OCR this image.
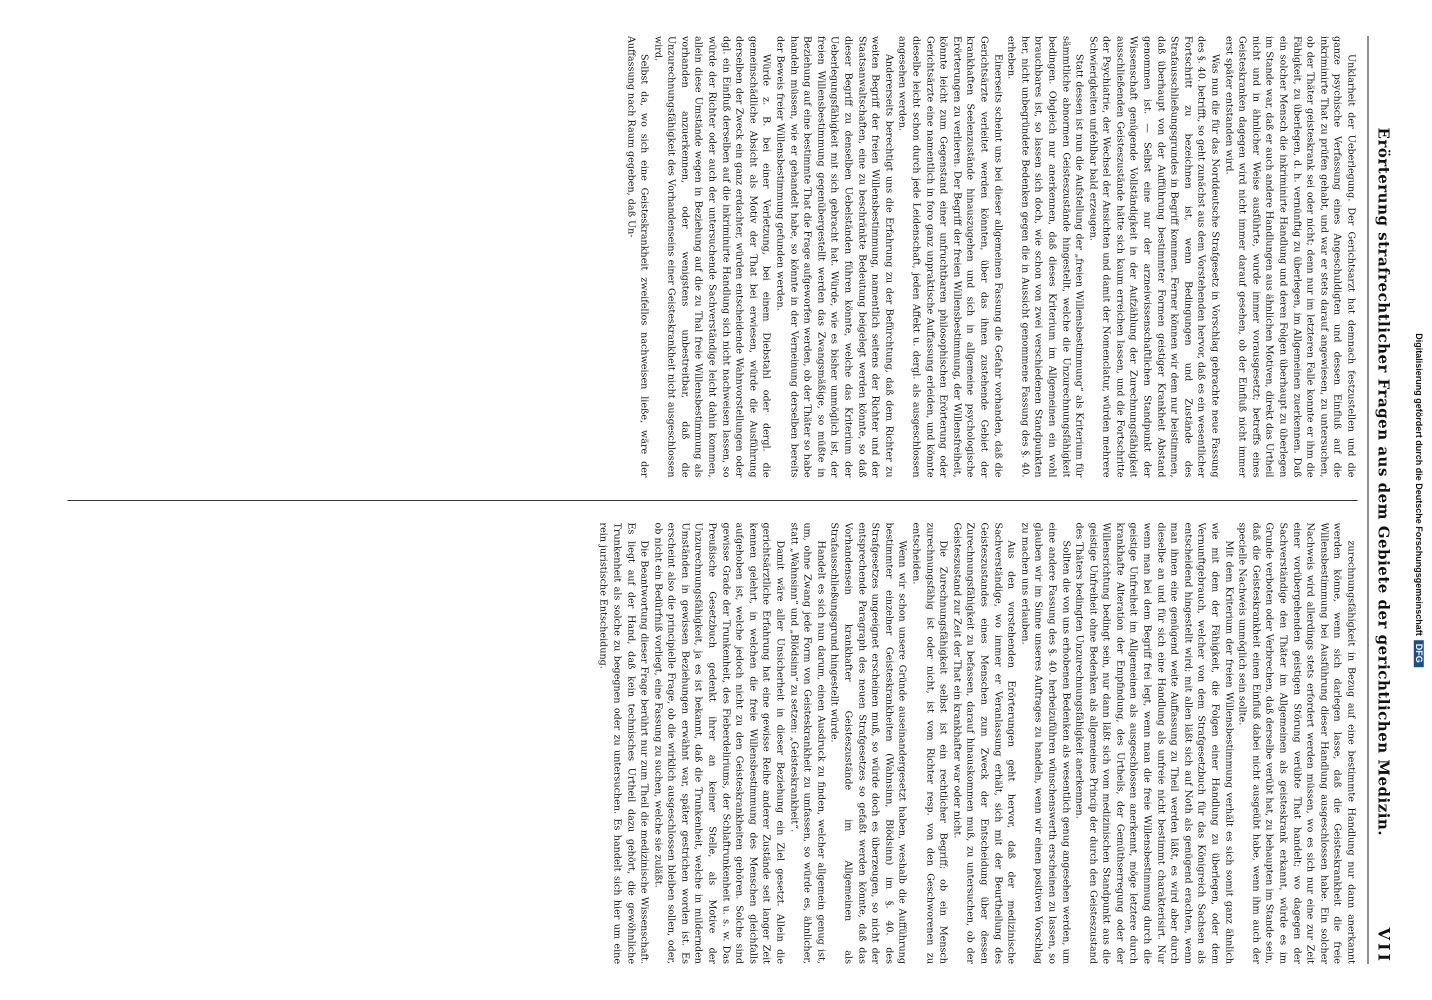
Erörterung strafrechtlicher Fragen aus dem Gebiete der gerichtlichen Medizin.
VII

Unklarheit der Ueberlegung. Der Gerichtsarzt hat demnach festzustellen und die ganze psychische Verfassung eines Angeschuldigten und dessen Einfluß auf die inkriminirte That zu prüfen gehabt, und war er stets darauf angewiesen, zu untersuchen, ob der Thäter geisteskrank sei oder nicht; denn nur im letzteren Falle konnte er ihm die Fähigkeit, zu überlegen, d. h. vernünftig zu überlegen, im Allgemeinen zuerkennen. Daß ein solcher Mensch die inkriminirte Handlung und deren Folgen überhaupt zu überlegen im Stande war, daß er auch andere Handlungen aus ähnlichen Motiven, direkt das Urtheil nicht und in ähnlicher Weise ausführte, wurde immer vorausgesetzt; betreffs eines Geisteskranken dagegen wird nicht immer darauf gesehen, ob der Einfluß nicht immer erst später entstanden wird.

Was nun die für das Norddeutsche Strafgesetz in Vorschlag gebrachte neue Fassung des §. 40. betrifft, so geht zunächst aus dem Vorstehenden hervor, daß es ein wesentlicher Fortschritt zu bezeichnen ist, wenn Bedingungen und Zustände des Strafausschließungsgrundes in Begriff kommen. Ferner können wir dem nur beistimmen, daß überhaupt von der Aufführung bestimmter Formen geistiger Krankheit Abstand genommen ist. — Selbst eine nur der arzneiwissenschaftlichen Standpunkt der Wissenschaft genügende Vollständigkeit in der Aufzählung der Zurechnungsfähigkeit ausschließenden Geisteszustände hätte sich kaum erreichen lassen, und die Fortschritte der Psychiatrie, der Wechsel der Ansichten und damit der Nomenclatur, würden mehrere Schwierigkeiten unfehlbar bald erzeugen.

Statt dessen ist nun die Aufstellung der „freien Willensbestimmung“ als Kriterium für sämmtliche abnormen Geisteszustände hingestellt, welche die Unzurechnungsfähigkeit bedingen. Obgleich nur anerkennen, daß dieses Kriterium im Allgemeinen ein wohl brauchbares ist, so lassen sich doch, wie schon von zwei verschiedenen Standpunkten her, nicht unbegründete Bedenken gegen die in Aussicht genommene Fassung des §. 40. erheben.

Einerseits scheint uns bei dieser allgemeinen Fassung die Gefahr vorhanden, daß die Gerichtsärzte verleitet werden könnten, über das ihnen zustehende Gebiet der krankhaften Seelenzustände hinauszugehen und sich in allgemeine psychologische Erörterungen zu verlieren. Der Begriff der freien Willensbestimmung, der Willensfreiheit, könnte leicht zum Gegenstand einer unfruchtbaren philosophischen Erörterung oder Gerichtsärzte eine namentlich in foro ganz unpraktische Auffassung erleiden, und könnte dieselbe leicht schon durch jede Leidenschaft, jeden Affekt u. dergl. als ausgeschlossen angesehen werden.

Andererseits berechtigt uns die Erfahrung zu der Befürchtung, daß dem Richter zu weiten Begriff der freien Willensbestimmung, namentlich seitens der Richter und der Staatsanwaltschaften, eine zu beschränkte Bedeutung beigelegt werden könnte, so daß dieser Begriff zu denselben Uebelständen führen könnte, welche das Kriterium der Ueberlegungsfähigkeit mit sich gebracht hat. Würde, wie es bisher unmöglich ist, der freien Willensbestimmung gegenübergestellt werden das Zwangsmäßige, so müßte in Beziehung auf eine bestimmte That die Frage aufgeworfen werden, ob der Thäter so habe handeln müssen, wie er gehandelt habe, so könnte in der Verneinung derselben bereits der Beweis freier Willensbestimmung gefunden werden.

Würde z. B. bei einer Verletzung, bei einem Diebstahl oder dergl. die gemeinschädliche Absicht als Motiv der That bei erwiesen, würde die Ausführung derselben der Zweck ein ganz erdachter, würden entscheidende Wahnvorstellungen oder dgl. ein Einfluß derselben auf die inkriminirte Handlung sich nicht nachweisen lassen, so würde der Richter oder auch der untersuchende Sachverständige leicht dahin kommen, allein diese Umstände wegen in Beziehung auf die zu Thal freie Willensbestimmung als vorhanden anzuerkennen, oder wenigstens unbestreitbar, daß die Unzurechnungsfähigkeit des Vorhandenseins einer Geisteskrankheit nicht ausgeschlossen wird.

Selbst da, wo sich eine Geisteskrankheit zweifellos nachweisen ließe, wäre der Auffassung nach Raum gegeben, daß Un-

zurechnungsfähigkeit in Bezug auf eine bestimmte Handlung nur dann anerkannt werden könne, wenn sich darlegen lasse, daß die Geisteskrankheit die freie Willensbestimmung bei Ausführung dieser Handlung ausgeschlossen habe. Ein solcher Nachweis wird allerdings stets erfordert werden müssen, wo es sich nur eine zur Zeit einer vorübergehenden geistigen Störung verübte That handelt; wo dagegen der Sachverständige den Thäter im Allgemeinen als geisteskrank erkannt, würde es im Grunde verboten oder Verbrechen, daß derselbe verübt hat, zu behaupten im Stande sein, daß die Geisteskrankheit einen Einfluß dabei nicht ausgeübt habe, wenn ihm auch der specielle Nachweis unmöglich sein sollte.

Mit dem Kriterium der freien Willensbestimmung verhält es sich somit ganz ähnlich wie mit dem der Fähigkeit, die Folgen einer Handlung zu überlegen, oder dem Vernunftgebrauch, welcher von dem Strafgesetzbuch für das Königreich Sachsen als entscheidend hingestellt wird; mit allen läßt sich auf Noth als genügend erachten, wenn man ihnen eine genügend weite Auffassung zu Theil werden läßt, es wird aber durch dieselbe an und für sich eine Handlung als unfreie nicht bestimmt charakterisirt. Nur wenn man bei dem Begriff frei legt, wenn man die freie Willensbestimmung durch die geistige Unfreiheit im Allgemeinen als ausgeschlossen anerkennt, möge letztere durch krankhafte Alteration der Empfindung, des Urtheils, der Gemüthserregung oder der Willensrichtung bedingt sein, nur dann läßt sich vom medizinischen Standpunkt aus die geistige Unfreiheit ohne Bedenken als allgemeines Princip der durch den Geisteszustand des Thäters bedingten Unzurechnungsfähigkeit anerkennen.

Sollten die von uns erhobenen Bedenken als wesentlich genug angesehen werden, um eine andere Fassung des §. 40. herbeizuführen wünschenswerth erscheinen zu lassen, so glauben wir im Sinne unseres Auftrages zu handeln, wenn wir einen positiven Vorschlag zu machen uns erlauben.

Aus den vorstehenden Erörterungen geht hervor, daß der medizinische Sachverständige, wo immer er Veranlassung erhält, sich mit der Beurtheilung des Geisteszustandes eines Menschen zum Zweck der Entscheidung über dessen Zurechnungsfähigkeit zu befassen, darauf hinauskommen muß, zu untersuchen, ob der Geisteszustand zur Zeit der That ein krankhafter war oder nicht.

Die Zurechnungsfähigkeit selbst ist ein rechtlicher Begriff; ob ein Mensch zurechnungsfähig ist oder nicht, ist vom Richter resp. von den Geschworenen zu entscheiden.

Wenn wir schon unsere Gründe auseinandergesetzt haben, weshalb die Aufführung bestimmter einzelner Geisteskrankheiten (Wahnsinn, Blödsinn) im §. 40. des Strafgesetzes ungeeignet erscheinen muß, so würde doch es überzeugen, so nicht der entsprechende Paragraph des neuen Strafgesetzes so gefaßt werden könnte, daß das Vorhandensein krankhafter Geisteszustände im Allgemeinen als Strafausschließungsgrund hingestellt würde.

Handelt es sich nun darum, einen Ausdruck zu finden, welcher allgemein genug ist, um, ohne Zwang jede Form von Geisteskrankheit zu umfassen, so würde es, ähnlicher, statt „Wahnsinn“ und „Blödsinn“ zu setzen: „Geisteskrankheit“.

Damit wäre aller Unsicherheit in dieser Beziehung ein Ziel gesetzt. Allein die gerichtsärztliche Erfahrung hat eine gewisse Reihe anderer Zustände seit langer Zeit kennen gelehrt, in welchen die freie Willensbestimmung des Menschen gleichfalls aufgehoben ist, welche jedoch nicht zu den Geisteskrankheiten gehören. Solche sind gewisse Grade der Trunkenheit, des Fieberdeliriums, der Schlaftrunkenheit u. s. w. Das Preußische Gesetzbuch gedenkt ihrer an keiner Stelle, als Motive der Unzurechnungsfähigkeit, ja es ist bekannt, daß die Trunkenheit, welche in mildernden Umständen in gewissen Beziehungen erwähnt war, später gestrichen worden ist. Es erscheint also die principielle Frage, ob die wirklich ausgeschlossen bleiben sollen, oder, ob nicht ein Bedürfniß vorliegt, eine Fassung zu suchen, welche sie zuläßt.

Die Beantwortung dieser Frage berührt nur zum Theil die medizinische Wissenschaft. Es liegt auf der Hand, daß kein technisches Urtheil dazu gehört, die gewöhnliche Trunkenheit als solche zu begegnen oder zu untersuchen. Es handelt sich hier um eine rein juristische Entscheidung.	Digitalisierung gefördert durch die Deutsche ForschungsgemeinschaftDFG
